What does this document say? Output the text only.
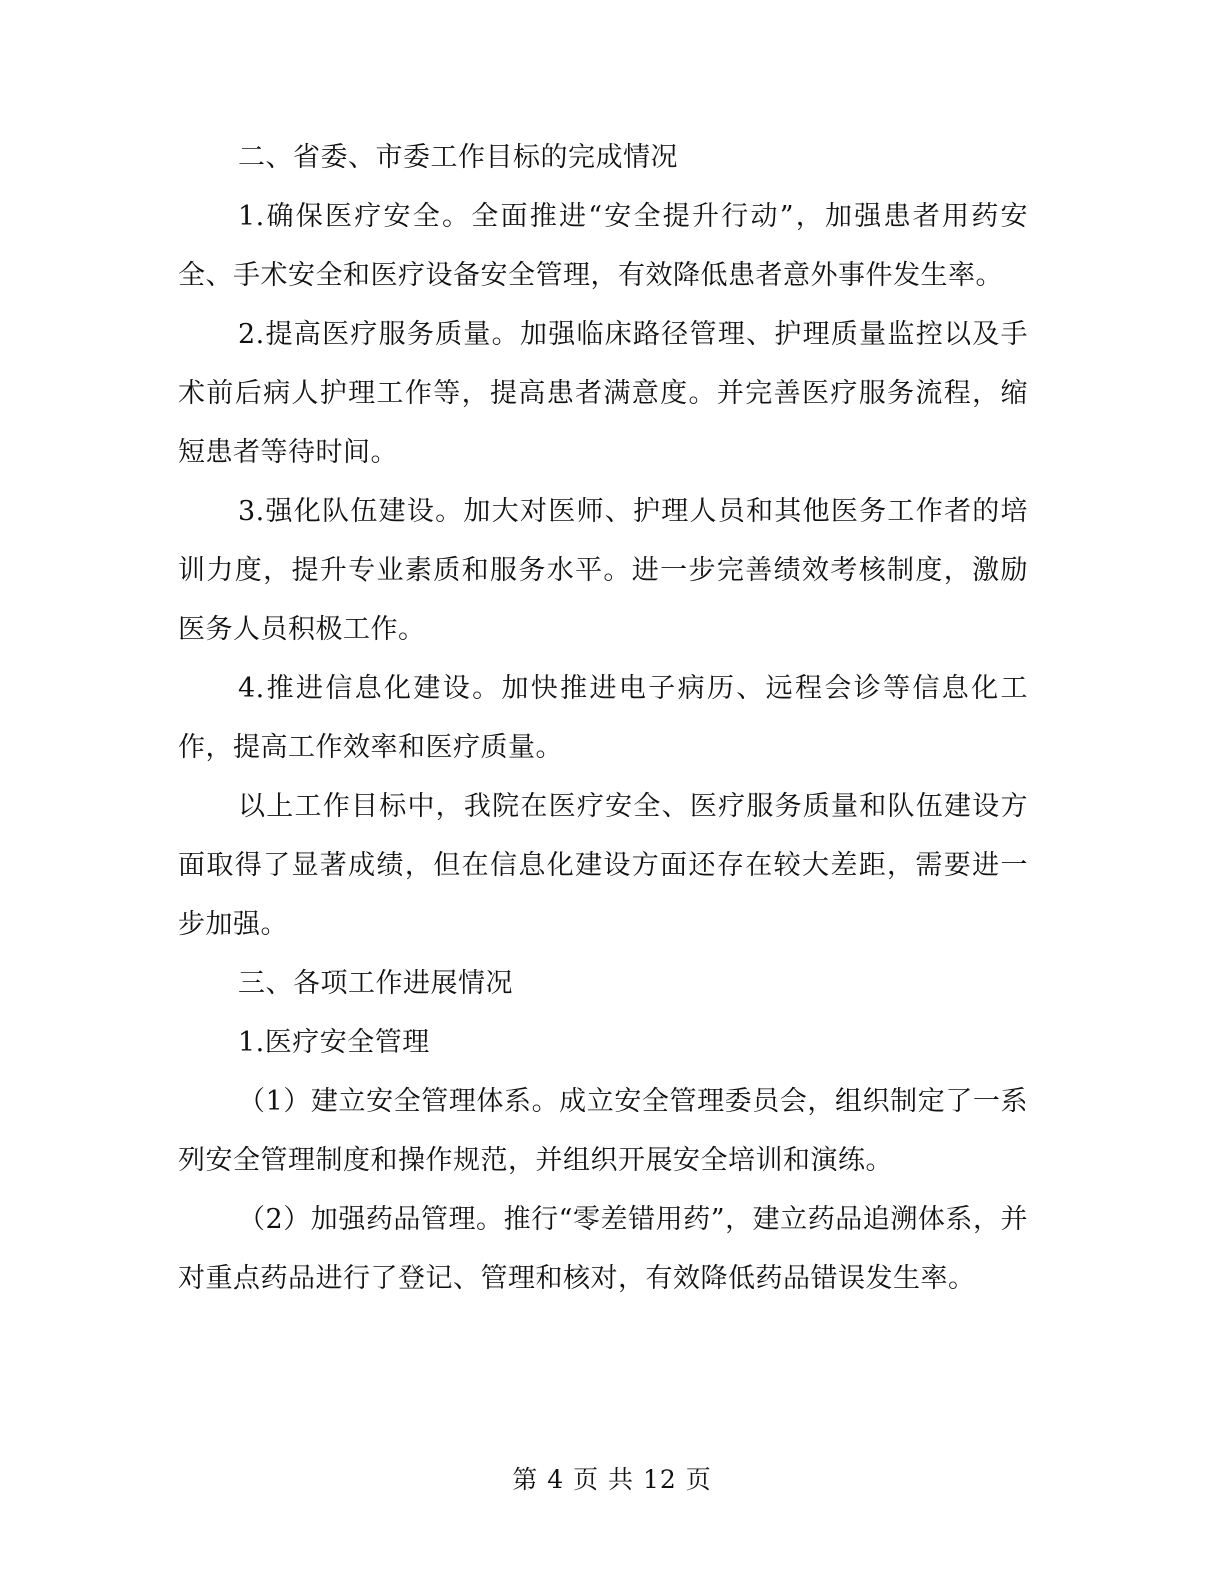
二、省委、市委工作目标的完成情况

1.确保医疗安全。全面推进“安全提升行动”，加强患者用药安全、手术安全和医疗设备安全管理，有效降低患者意外事件发生率。

2.提高医疗服务质量。加强临床路径管理、护理质量监控以及手术前后病人护理工作等，提高患者满意度。并完善医疗服务流程，缩短患者等待时间。

3.强化队伍建设。加大对医师、护理人员和其他医务工作者的培训力度，提升专业素质和服务水平。进一步完善绩效考核制度，激励医务人员积极工作。

4.推进信息化建设。加快推进电子病历、远程会诊等信息化工作，提高工作效率和医疗质量。

以上工作目标中，我院在医疗安全、医疗服务质量和队伍建设方面取得了显著成绩，但在信息化建设方面还存在较大差距，需要进一步加强。

三、各项工作进展情况

1.医疗安全管理

（1）建立安全管理体系。成立安全管理委员会，组织制定了一系列安全管理制度和操作规范，并组织开展安全培训和演练。

（2）加强药品管理。推行“零差错用药”，建立药品追溯体系，并对重点药品进行了登记、管理和核对，有效降低药品错误发生率。

第 4 页 共 12 页
